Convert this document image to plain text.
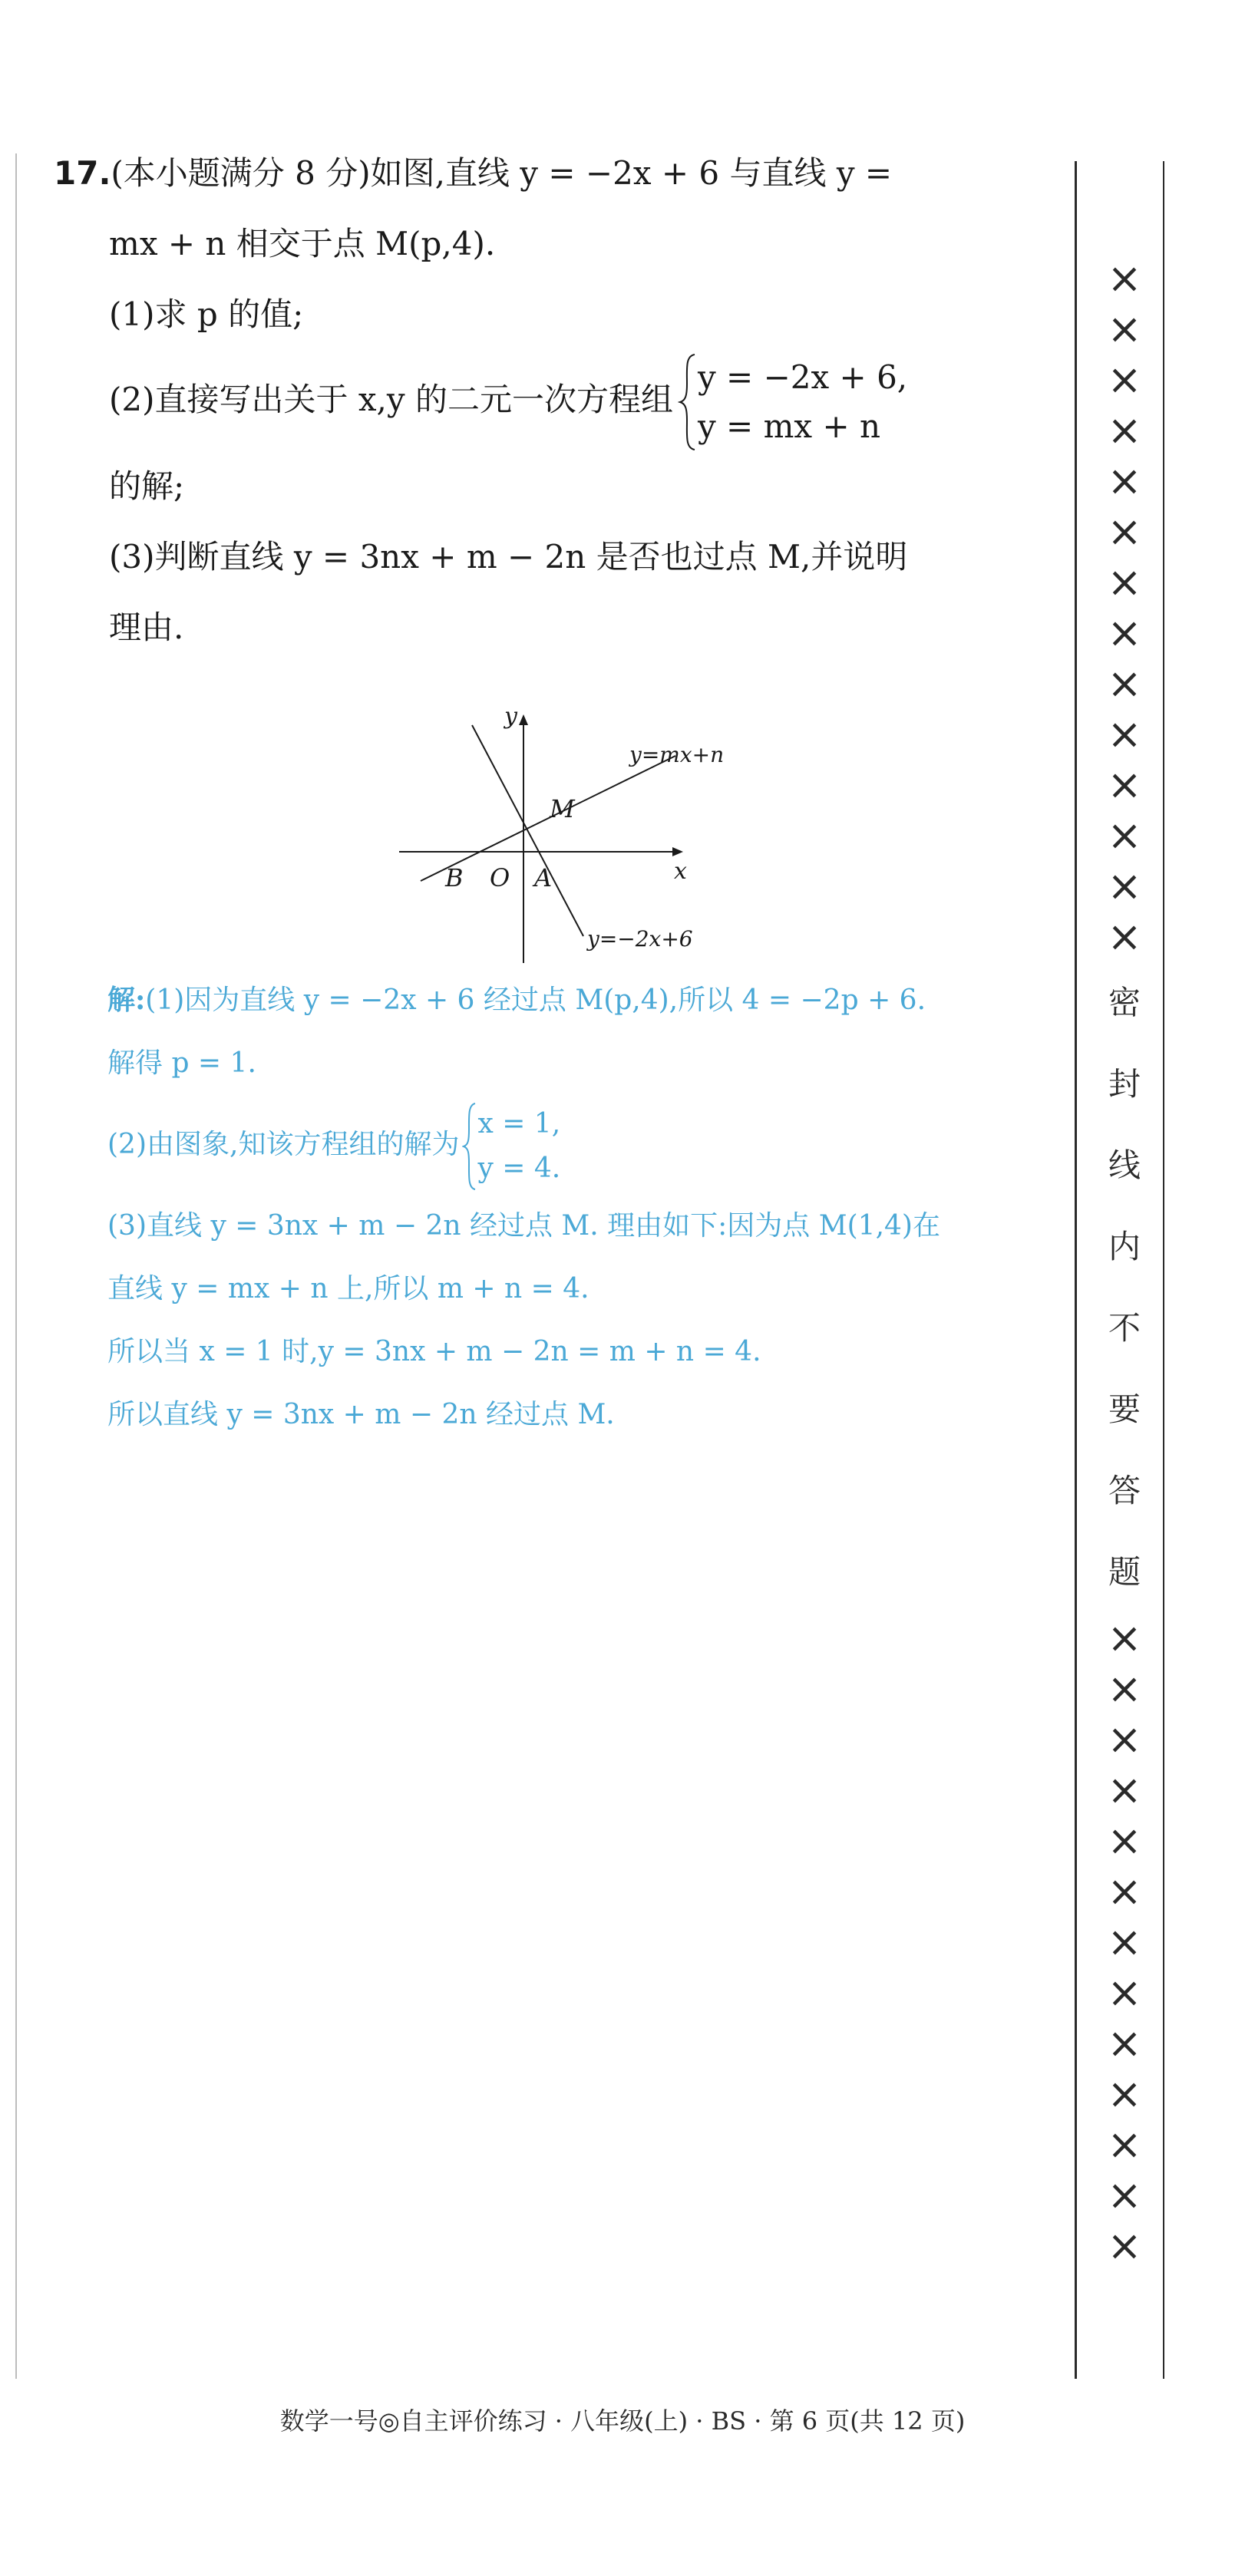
17.(本小题满分 8 分)如图,直线 y = −2x + 6 与直线 y =
mx + n 相交于点 M(p,4).
(1)求 p 的值;
(2)直接写出关于 x,y 的二元一次方程组
y = −2x + 6,
y = mx + n
的解;
(3)判断直线 y = 3nx + m − 2n 是否也过点 M,并说明
理由.
y
x
y=mx+n
y=−2x+6
M
B O A
解:(1)因为直线 y = −2x + 6 经过点 M(p,4),所以 4 = −2p + 6.
解得 p = 1.
(2)由图象,知该方程组的解为
x = 1,
y = 4.
(3)直线 y = 3nx + m − 2n 经过点 M. 理由如下:因为点 M(1,4)在
直线 y = mx + n 上,所以 m + n = 4.
所以当 x = 1 时,y = 3nx + m − 2n = m + n = 4.
所以直线 y = 3nx + m − 2n 经过点 M.
×
×
×
×
×
×
×
×
×
×
×
×
×
×
密
封
线
内
不
要
答
题
×
×
×
×
×
×
×
×
×
×
×
×
×
数学一号◎自主评价练习 · 八年级(上) · BS · 第 6 页(共 12 页)
